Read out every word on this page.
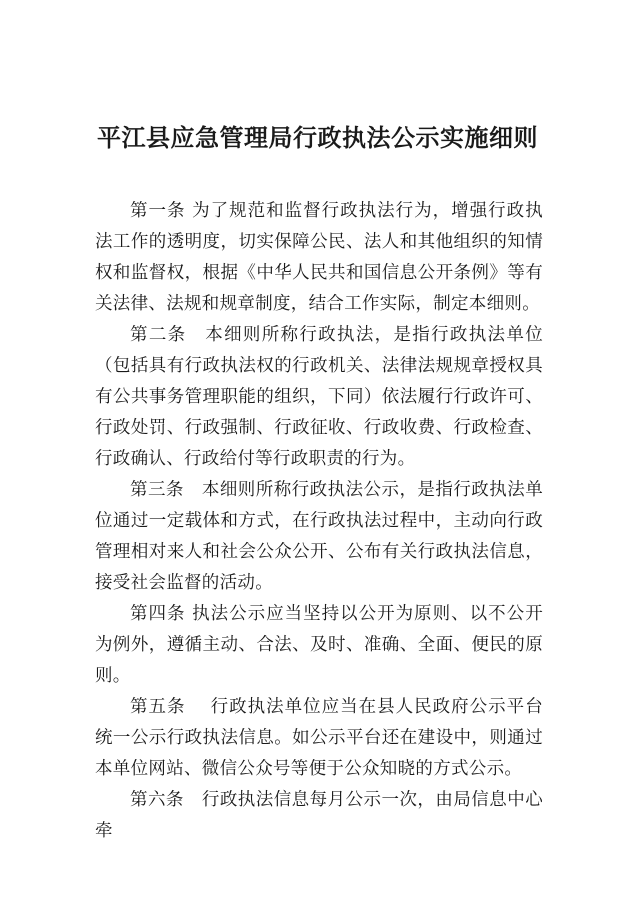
平江县应急管理局行政执法公示实施细则

第一条 为了规范和监督行政执法行为，增强行政执法工作的透明度，切实保障公民、法人和其他组织的知情权和监督权，根据《中华人民共和国信息公开条例》等有关法律、法规和规章制度，结合工作实际，制定本细则。

第二条　本细则所称行政执法，是指行政执法单位（包括具有行政执法权的行政机关、法律法规规章授权具有公共事务管理职能的组织，下同）依法履行行政许可、行政处罚、行政强制、行政征收、行政收费、行政检查、行政确认、行政给付等行政职责的行为。

第三条　本细则所称行政执法公示，是指行政执法单位通过一定载体和方式，在行政执法过程中，主动向行政管理相对来人和社会公众公开、公布有关行政执法信息，接受社会监督的活动。

第四条 执法公示应当坚持以公开为原则、以不公开为例外，遵循主动、合法、及时、准确、全面、便民的原则。

第五条　 行政执法单位应当在县人民政府公示平台统一公示行政执法信息。如公示平台还在建设中，则通过本单位网站、微信公众号等便于公众知晓的方式公示。

第六条　行政执法信息每月公示一次，由局信息中心牵
